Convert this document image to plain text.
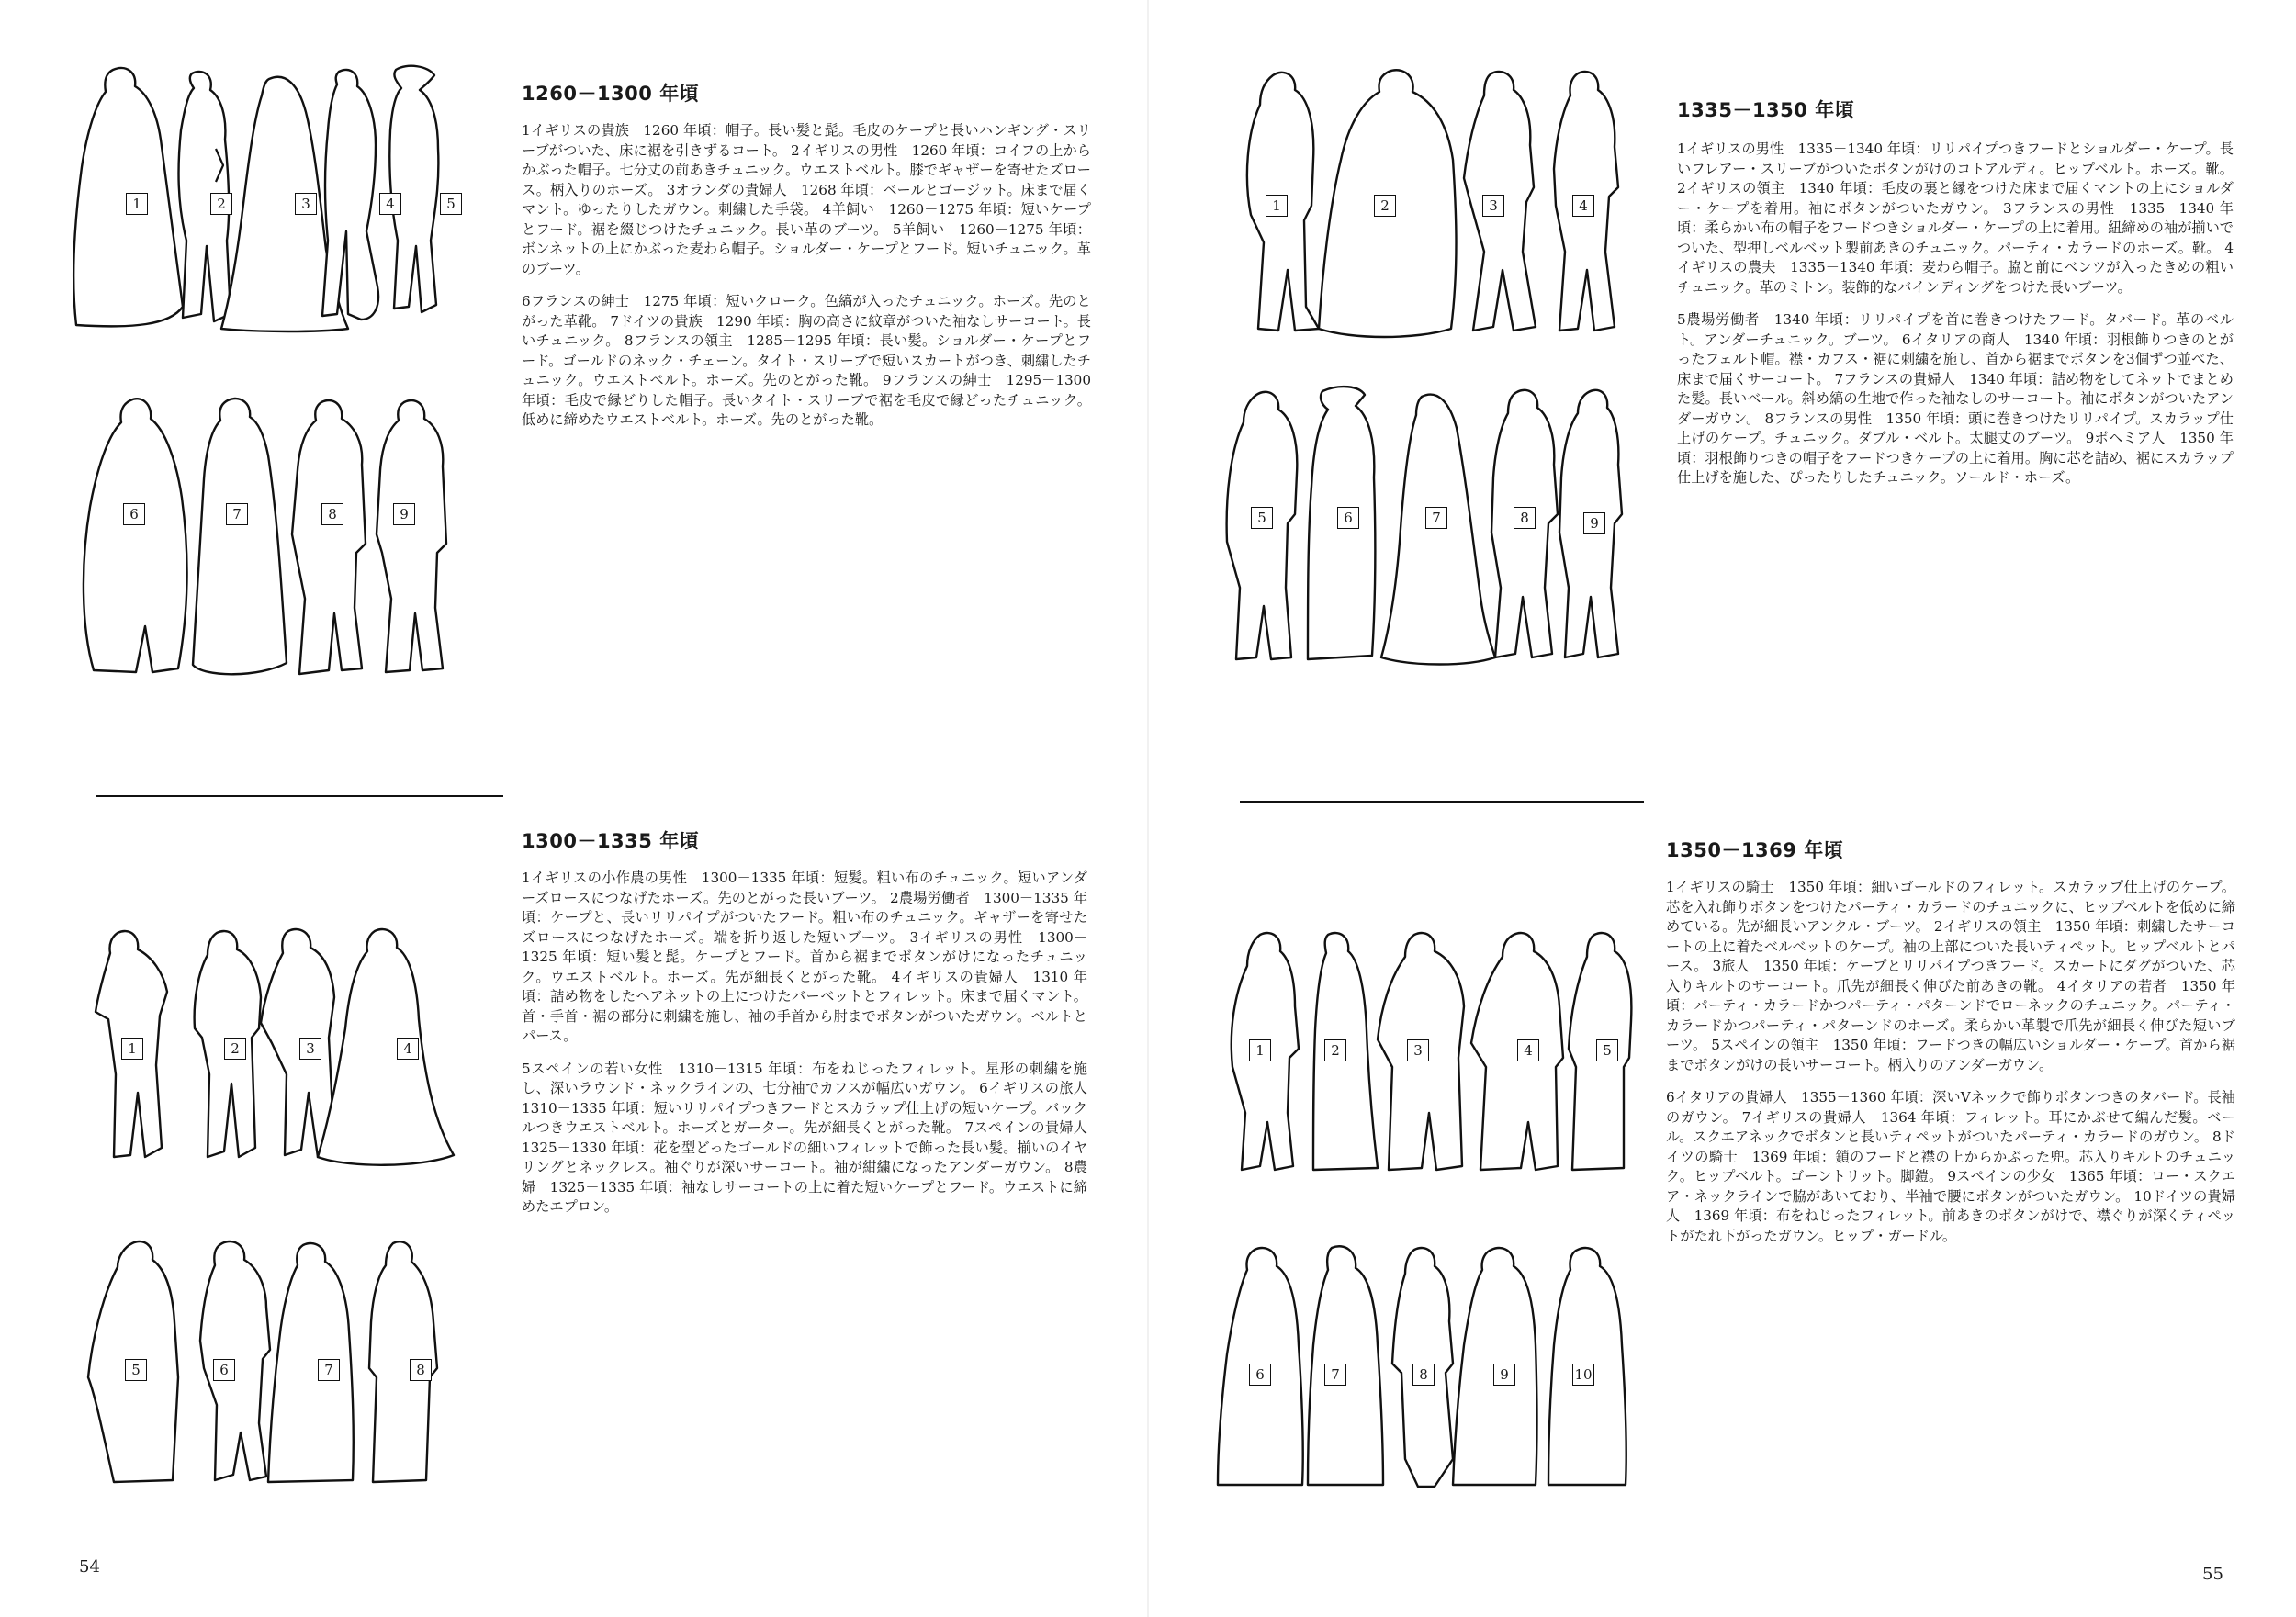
1	2	3	4	5
6	7	8	9
1260－1300 年頃

1イギリスの貴族　1260 年頃：帽子。長い髪と髭。毛皮のケープと長いハンギング・スリーブがついた、床に裾を引きずるコート。 2イギリスの男性　1260 年頃：コイフの上からかぶった帽子。七分丈の前あきチュニック。ウエストベルト。膝でギャザーを寄せたズロース。柄入りのホーズ。 3オランダの貴婦人　1268 年頃：ベールとゴージット。床まで届くマント。ゆったりしたガウン。刺繍した手袋。 4羊飼い　1260－1275 年頃：短いケープとフード。裾を綴じつけたチュニック。長い革のブーツ。 5羊飼い　1260－1275 年頃：ボンネットの上にかぶった麦わら帽子。ショルダー・ケープとフード。短いチュニック。革のブーツ。

6フランスの紳士　1275 年頃：短いクローク。色縞が入ったチュニック。ホーズ。先のとがった革靴。 7ドイツの貴族　1290 年頃：胸の高さに紋章がついた袖なしサーコート。長いチュニック。 8フランスの領主　1285－1295 年頃：長い髪。ショルダー・ケープとフード。ゴールドのネック・チェーン。タイト・スリーブで短いスカートがつき、刺繍したチュニック。ウエストベルト。ホーズ。先のとがった靴。 9フランスの紳士　1295－1300 年頃：毛皮で縁どりした帽子。長いタイト・スリーブで裾を毛皮で縁どったチュニック。低めに締めたウエストベルト。ホーズ。先のとがった靴。

1	2	3	4
5	6	7	8
1300－1335 年頃

1イギリスの小作農の男性　1300－1335 年頃：短髪。粗い布のチュニック。短いアンダーズロースにつなげたホーズ。先のとがった長いブーツ。 2農場労働者　1300－1335 年頃：ケープと、長いリリパイプがついたフード。粗い布のチュニック。ギャザーを寄せたズロースにつなげたホーズ。端を折り返した短いブーツ。 3イギリスの男性　1300－1325 年頃：短い髪と髭。ケープとフード。首から裾までボタンがけになったチュニック。ウエストベルト。ホーズ。先が細長くとがった靴。 4イギリスの貴婦人　1310 年頃：詰め物をしたヘアネットの上につけたバーベットとフィレット。床まで届くマント。首・手首・裾の部分に刺繍を施し、袖の手首から肘までボタンがついたガウン。ベルトとパース。

5スペインの若い女性　1310－1315 年頃：布をねじったフィレット。星形の刺繍を施し、深いラウンド・ネックラインの、七分袖でカフスが幅広いガウン。 6イギリスの旅人　1310－1335 年頃：短いリリパイプつきフードとスカラップ仕上げの短いケープ。バックルつきウエストベルト。ホーズとガーター。先が細長くとがった靴。 7スペインの貴婦人　1325－1330 年頃：花を型どったゴールドの細いフィレットで飾った長い髪。揃いのイヤリングとネックレス。袖ぐりが深いサーコート。袖が紺繍になったアンダーガウン。 8農婦　1325－1335 年頃：袖なしサーコートの上に着た短いケープとフード。ウエストに締めたエプロン。

54
1	2	3	4
5	6	7	8	9
1335－1350 年頃

1イギリスの男性　1335－1340 年頃：リリパイプつきフードとショルダー・ケープ。長いフレアー・スリーブがついたボタンがけのコトアルディ。ヒップベルト。ホーズ。靴。 2イギリスの領主　1340 年頃：毛皮の裏と縁をつけた床まで届くマントの上にショルダー・ケープを着用。袖にボタンがついたガウン。 3フランスの男性　1335－1340 年頃：柔らかい布の帽子をフードつきショルダー・ケープの上に着用。紐締めの袖が揃いでついた、型押しベルベット製前あきのチュニック。パーティ・カラードのホーズ。靴。 4イギリスの農夫　1335－1340 年頃：麦わら帽子。脇と前にベンツが入ったきめの粗いチュニック。革のミトン。装飾的なバインディングをつけた長いブーツ。

5農場労働者　1340 年頃：リリパイプを首に巻きつけたフード。タバード。革のベルト。アンダーチュニック。ブーツ。 6イタリアの商人　1340 年頃：羽根飾りつきのとがったフェルト帽。襟・カフス・裾に刺繍を施し、首から裾までボタンを3個ずつ並べた、床まで届くサーコート。 7フランスの貴婦人　1340 年頃：詰め物をしてネットでまとめた髪。長いベール。斜め縞の生地で作った袖なしのサーコート。袖にボタンがついたアンダーガウン。 8フランスの男性　1350 年頃：頭に巻きつけたリリパイプ。スカラップ仕上げのケープ。チュニック。ダブル・ベルト。太腿丈のブーツ。 9ボヘミア人　1350 年頃：羽根飾りつきの帽子をフードつきケープの上に着用。胸に芯を詰め、裾にスカラップ仕上げを施した、ぴったりしたチュニック。ソールド・ホーズ。

1	2	3	4	5
6	7	8	9	10
1350－1369 年頃

1イギリスの騎士　1350 年頃：細いゴールドのフィレット。スカラップ仕上げのケープ。芯を入れ飾りボタンをつけたパーティ・カラードのチュニックに、ヒップベルトを低めに締めている。先が細長いアンクル・ブーツ。 2イギリスの領主　1350 年頃：刺繍したサーコートの上に着たベルベットのケープ。袖の上部についた長いティペット。ヒップベルトとパース。 3旅人　1350 年頃：ケープとリリパイプつきフード。スカートにダグがついた、芯入りキルトのサーコート。爪先が細長く伸びた前あきの靴。 4イタリアの若者　1350 年頃：パーティ・カラードかつパーティ・パターンドでローネックのチュニック。パーティ・カラードかつパーティ・パターンドのホーズ。柔らかい革製で爪先が細長く伸びた短いブーツ。 5スペインの領主　1350 年頃：フードつきの幅広いショルダー・ケープ。首から裾までボタンがけの長いサーコート。柄入りのアンダーガウン。

6イタリアの貴婦人　1355－1360 年頃：深いVネックで飾りボタンつきのタバード。長袖のガウン。 7イギリスの貴婦人　1364 年頃：フィレット。耳にかぶせて編んだ髪。ベール。スクエアネックでボタンと長いティペットがついたパーティ・カラードのガウン。 8ドイツの騎士　1369 年頃：鎖のフードと襟の上からかぶった兜。芯入りキルトのチュニック。ヒップベルト。ゴーントリット。脚鎧。 9スペインの少女　1365 年頃：ロー・スクエア・ネックラインで脇があいており、半袖で腰にボタンがついたガウン。 10ドイツの貴婦人　1369 年頃：布をねじったフィレット。前あきのボタンがけで、襟ぐりが深くティペットがたれ下がったガウン。ヒップ・ガードル。

55
